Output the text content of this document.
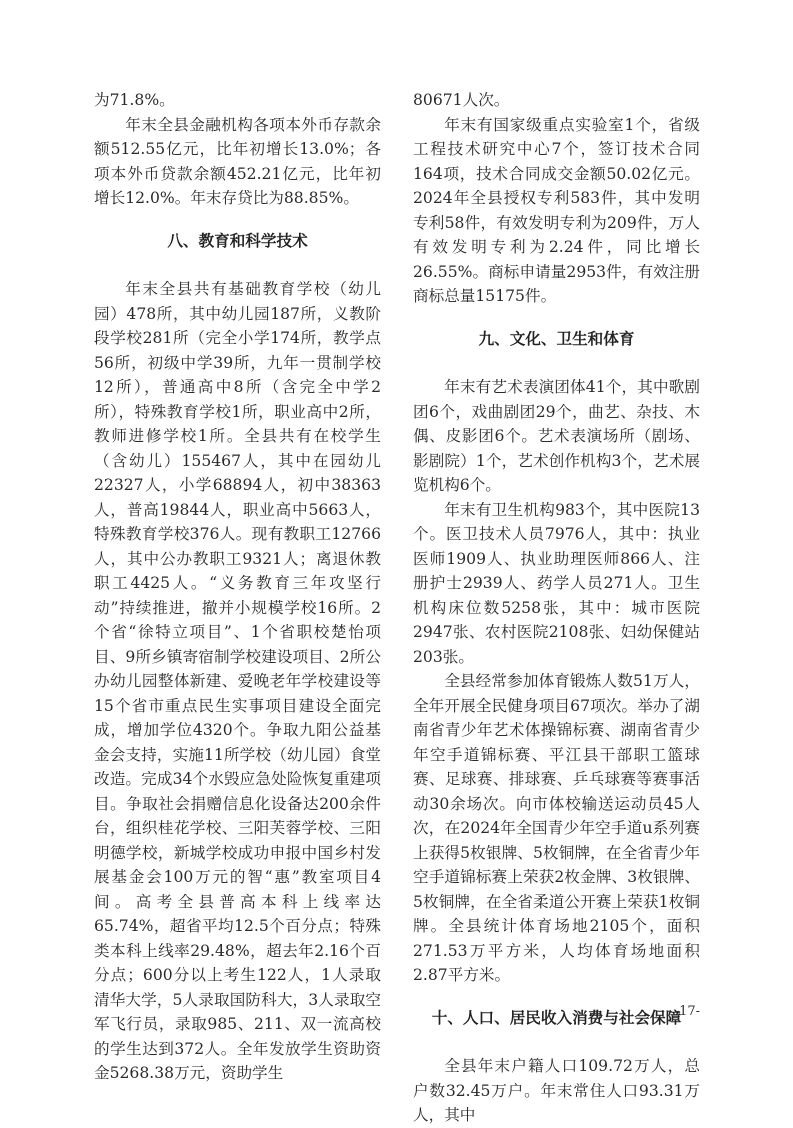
为71.8%。

年末全县金融机构各项本外币存款余额512.55亿元，比年初增长13.0%；各项本外币贷款余额452.21亿元，比年初增长12.0%。年末存贷比为88.85%。

八、教育和科学技术

年末全县共有基础教育学校（幼儿园）478所，其中幼儿园187所，义教阶段学校281所（完全小学174所，教学点56所，初级中学39所，九年一贯制学校12所），普通高中8所（含完全中学2所），特殊教育学校1所，职业高中2所，教师进修学校1所。全县共有在校学生（含幼儿）155467人，其中在园幼儿22327人，小学68894人，初中38363人，普高19844人，职业高中5663人，特殊教育学校376人。现有教职工12766人，其中公办教职工9321人；离退休教职工4425人。“义务教育三年攻坚行动”持续推进，撤并小规模学校16所。2个省“徐特立项目”、1个省职校楚怡项目、9所乡镇寄宿制学校建设项目、2所公办幼儿园整体新建、爱晚老年学校建设等15个省市重点民生实事项目建设全面完成，增加学位4320个。争取九阳公益基金会支持，实施11所学校（幼儿园）食堂改造。完成34个水毁应急处险恢复重建项目。争取社会捐赠信息化设备达200余件台，组织桂花学校、三阳芙蓉学校、三阳明德学校，新城学校成功申报中国乡村发展基金会100万元的智“惠”教室项目4间。高考全县普高本科上线率达65.74%，超省平均12.5个百分点；特殊类本科上线率29.48%，超去年2.16个百分点；600分以上考生122人，1人录取清华大学，5人录取国防科大，3人录取空军飞行员，录取985、211、双一流高校的学生达到372人。全年发放学生资助资金5268.38万元，资助学生

80671人次。

年末有国家级重点实验室1个，省级工程技术研究中心7个，签订技术合同164项，技术合同成交金额50.02亿元。2024年全县授权专利583件，其中发明专利58件，有效发明专利为209件，万人有效发明专利为2.24件，同比增长26.55%。商标申请量2953件，有效注册商标总量15175件。

九、文化、卫生和体育

年末有艺术表演团体41个，其中歌剧团6个，戏曲剧团29个，曲艺、杂技、木偶、皮影团6个。艺术表演场所（剧场、影剧院）1个，艺术创作机构3个，艺术展览机构6个。

年末有卫生机构983个，其中医院13个。医卫技术人员7976人，其中：执业医师1909人、执业助理医师866人、注册护士2939人、药学人员271人。卫生机构床位数5258张，其中：城市医院2947张、农村医院2108张、妇幼保健站203张。

全县经常参加体育锻炼人数51万人，全年开展全民健身项目67项次。举办了湖南省青少年艺术体操锦标赛、湖南省青少年空手道锦标赛、平江县干部职工篮球赛、足球赛、排球赛、乒乓球赛等赛事活动30余场次。向市体校输送运动员45人次，在2024年全国青少年空手道u系列赛上获得5枚银牌、5枚铜牌，在全省青少年空手道锦标赛上荣获2枚金牌、3枚银牌、5枚铜牌，在全省柔道公开赛上荣获1枚铜牌。全县统计体育场地2105个，面积271.53万平方米，人均体育场地面积2.87平方米。

十、人口、居民收入消费与社会保障

全县年末户籍人口109.72万人，总户数32.45万户。年末常住人口93.31万人，其中

-17-
